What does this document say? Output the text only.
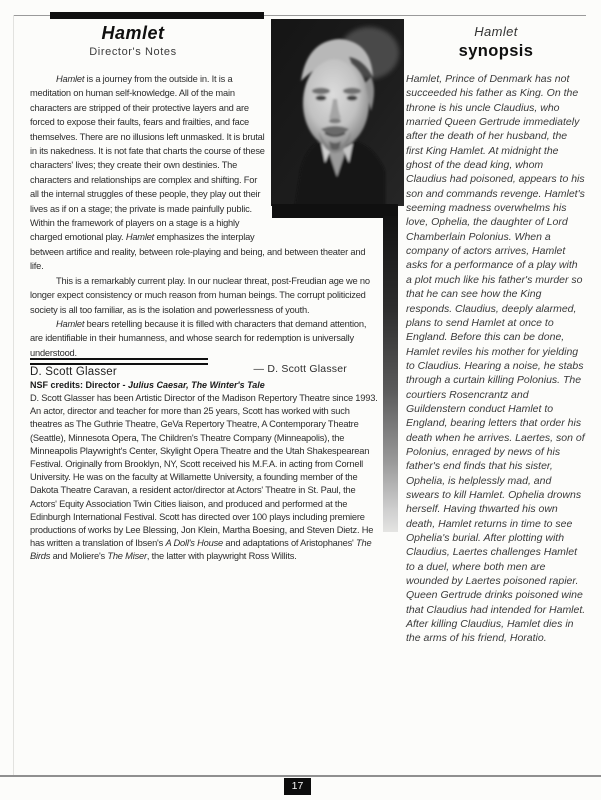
Hamlet
Director's Notes

Hamlet is a journey from the outside in. It is a meditation on human self-knowledge. All of the main characters are stripped of their protective layers and are forced to expose their faults, fears and frailties, and face themselves. There are no illusions left unmasked. It is brutal in its nakedness. It is not fate that charts the course of these characters' lives; they create their own destinies. The characters and relationships are complex and shifting. For all the internal struggles of these people, they play out their lives as if on a stage; the private is made painfully public. Within the framework of players on a stage is a highly charged emotional play. Hamlet emphasizes the interplay between artifice and reality, between role-playing and being, and between theater and life.

This is a remarkably current play. In our nuclear threat, post-Freudian age we no longer expect consistency or much reason from human beings. The corrupt politicized society is all too familiar, as is the isolation and powerlessness of youth.

Hamlet bears retelling because it is filled with characters that demand attention, are identifiable in their humanness, and whose search for redemption is universally understood.

— D. Scott Glasser
D. Scott Glasser
NSF credits: Director - Julius Caesar, The Winter's Tale
D. Scott Glasser has been Artistic Director of the Madison Repertory Theatre since 1993. An actor, director and teacher for more than 25 years, Scott has worked with such theatres as The Guthrie Theatre, GeVa Repertory Theatre, A Contemporary Theatre (Seattle), Minnesota Opera, The Children's Theatre Company (Minneapolis), the Minneapolis Playwright's Center, Skylight Opera Theatre and the Utah Shakespearean Festival. Originally from Brooklyn, NY, Scott received his M.F.A. in acting from Cornell University. He was on the faculty at Willamette University, a founding member of the Dakota Theatre Caravan, a resident actor/director at Actors' Theatre in St. Paul, the Actors' Equity Association Twin Cities liaison, and produced and performed at the Edinburgh International Festival. Scott has directed over 100 plays including premiere productions of works by Lee Blessing, Jon Klein, Martha Boesing, and Steven Dietz. He has written a translation of Ibsen's A Doll's House and adaptations of Aristophanes' The Birds and Moliere's The Miser, the latter with playwright Ross Willits.
Hamlet
synopsis
Hamlet, Prince of Denmark has not succeeded his father as King. On the throne is his uncle Claudius, who married Queen Gertrude immediately after the death of her husband, the first King Hamlet. At midnight the ghost of the dead king, whom Claudius had poisoned, appears to his son and commands revenge. Hamlet's seeming madness overwhelms his love, Ophelia, the daughter of Lord Chamberlain Polonius. When a company of actors arrives, Hamlet asks for a performance of a play with a plot much like his father's murder so that he can see how the King responds. Claudius, deeply alarmed, plans to send Hamlet at once to England. Before this can be done, Hamlet reviles his mother for yielding to Claudius. Hearing a noise, he stabs through a curtain killing Polonius. The courtiers Rosencrantz and Guildenstern conduct Hamlet to England, bearing letters that order his death when he arrives. Laertes, son of Polonius, enraged by news of his father's end finds that his sister, Ophelia, is helplessly mad, and swears to kill Hamlet. Ophelia drowns herself. Having thwarted his own death, Hamlet returns in time to see Ophelia's burial. After plotting with Claudius, Laertes challenges Hamlet to a duel, where both men are wounded by Laertes poisoned rapier. Queen Gertrude drinks poisoned wine that Claudius had intended for Hamlet. After killing Claudius, Hamlet dies in the arms of his friend, Horatio.
17
